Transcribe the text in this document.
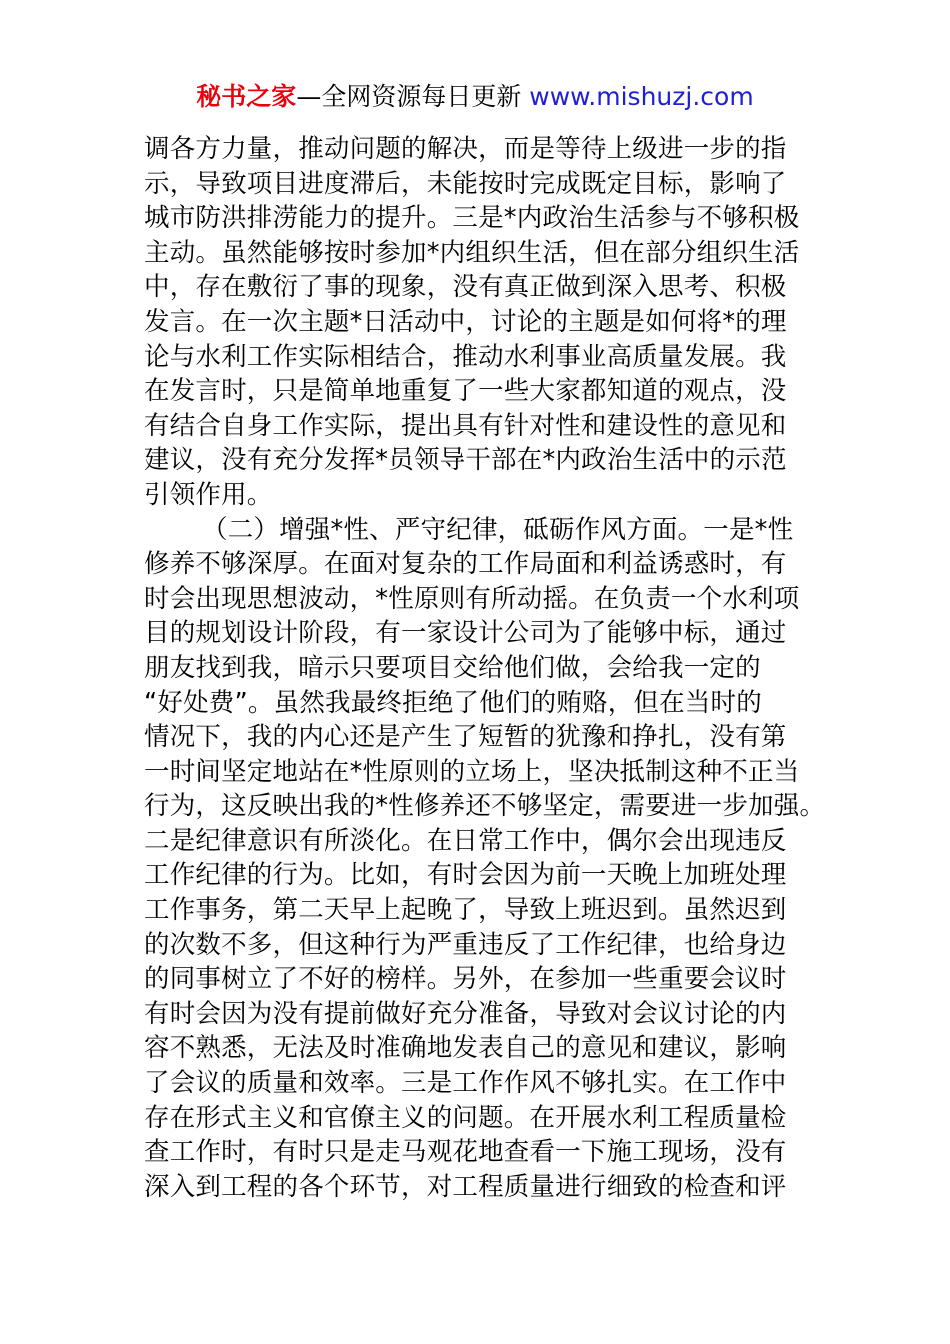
秘书之家—全网资源每日更新 www.mishuzj.com
调各方力量，推动问题的解决，而是等待上级进一步的指
示，导致项目进度滞后，未能按时完成既定目标，影响了
城市防洪排涝能力的提升。三是*内政治生活参与不够积极
主动。虽然能够按时参加*内组织生活，但在部分组织生活
中，存在敷衍了事的现象，没有真正做到深入思考、积极
发言。在一次主题*日活动中，讨论的主题是如何将*的理
论与水利工作实际相结合，推动水利事业高质量发展。我
在发言时，只是简单地重复了一些大家都知道的观点，没
有结合自身工作实际，提出具有针对性和建设性的意见和
建议，没有充分发挥*员领导干部在*内政治生活中的示范
引领作用。
（二）增强*性、严守纪律，砥砺作风方面。一是*性
修养不够深厚。在面对复杂的工作局面和利益诱惑时，有
时会出现思想波动，*性原则有所动摇。在负责一个水利项
目的规划设计阶段，有一家设计公司为了能够中标，通过
朋友找到我，暗示只要项目交给他们做，会给我一定的
“好处费”。虽然我最终拒绝了他们的贿赂，但在当时的
情况下，我的内心还是产生了短暂的犹豫和挣扎，没有第
一时间坚定地站在*性原则的立场上，坚决抵制这种不正当
行为，这反映出我的*性修养还不够坚定，需要进一步加强。
二是纪律意识有所淡化。在日常工作中，偶尔会出现违反
工作纪律的行为。比如，有时会因为前一天晚上加班处理
工作事务，第二天早上起晚了，导致上班迟到。虽然迟到
的次数不多，但这种行为严重违反了工作纪律，也给身边
的同事树立了不好的榜样。另外，在参加一些重要会议时
有时会因为没有提前做好充分准备，导致对会议讨论的内
容不熟悉，无法及时准确地发表自己的意见和建议，影响
了会议的质量和效率。三是工作作风不够扎实。在工作中
存在形式主义和官僚主义的问题。在开展水利工程质量检
查工作时，有时只是走马观花地查看一下施工现场，没有
深入到工程的各个环节，对工程质量进行细致的检查和评
